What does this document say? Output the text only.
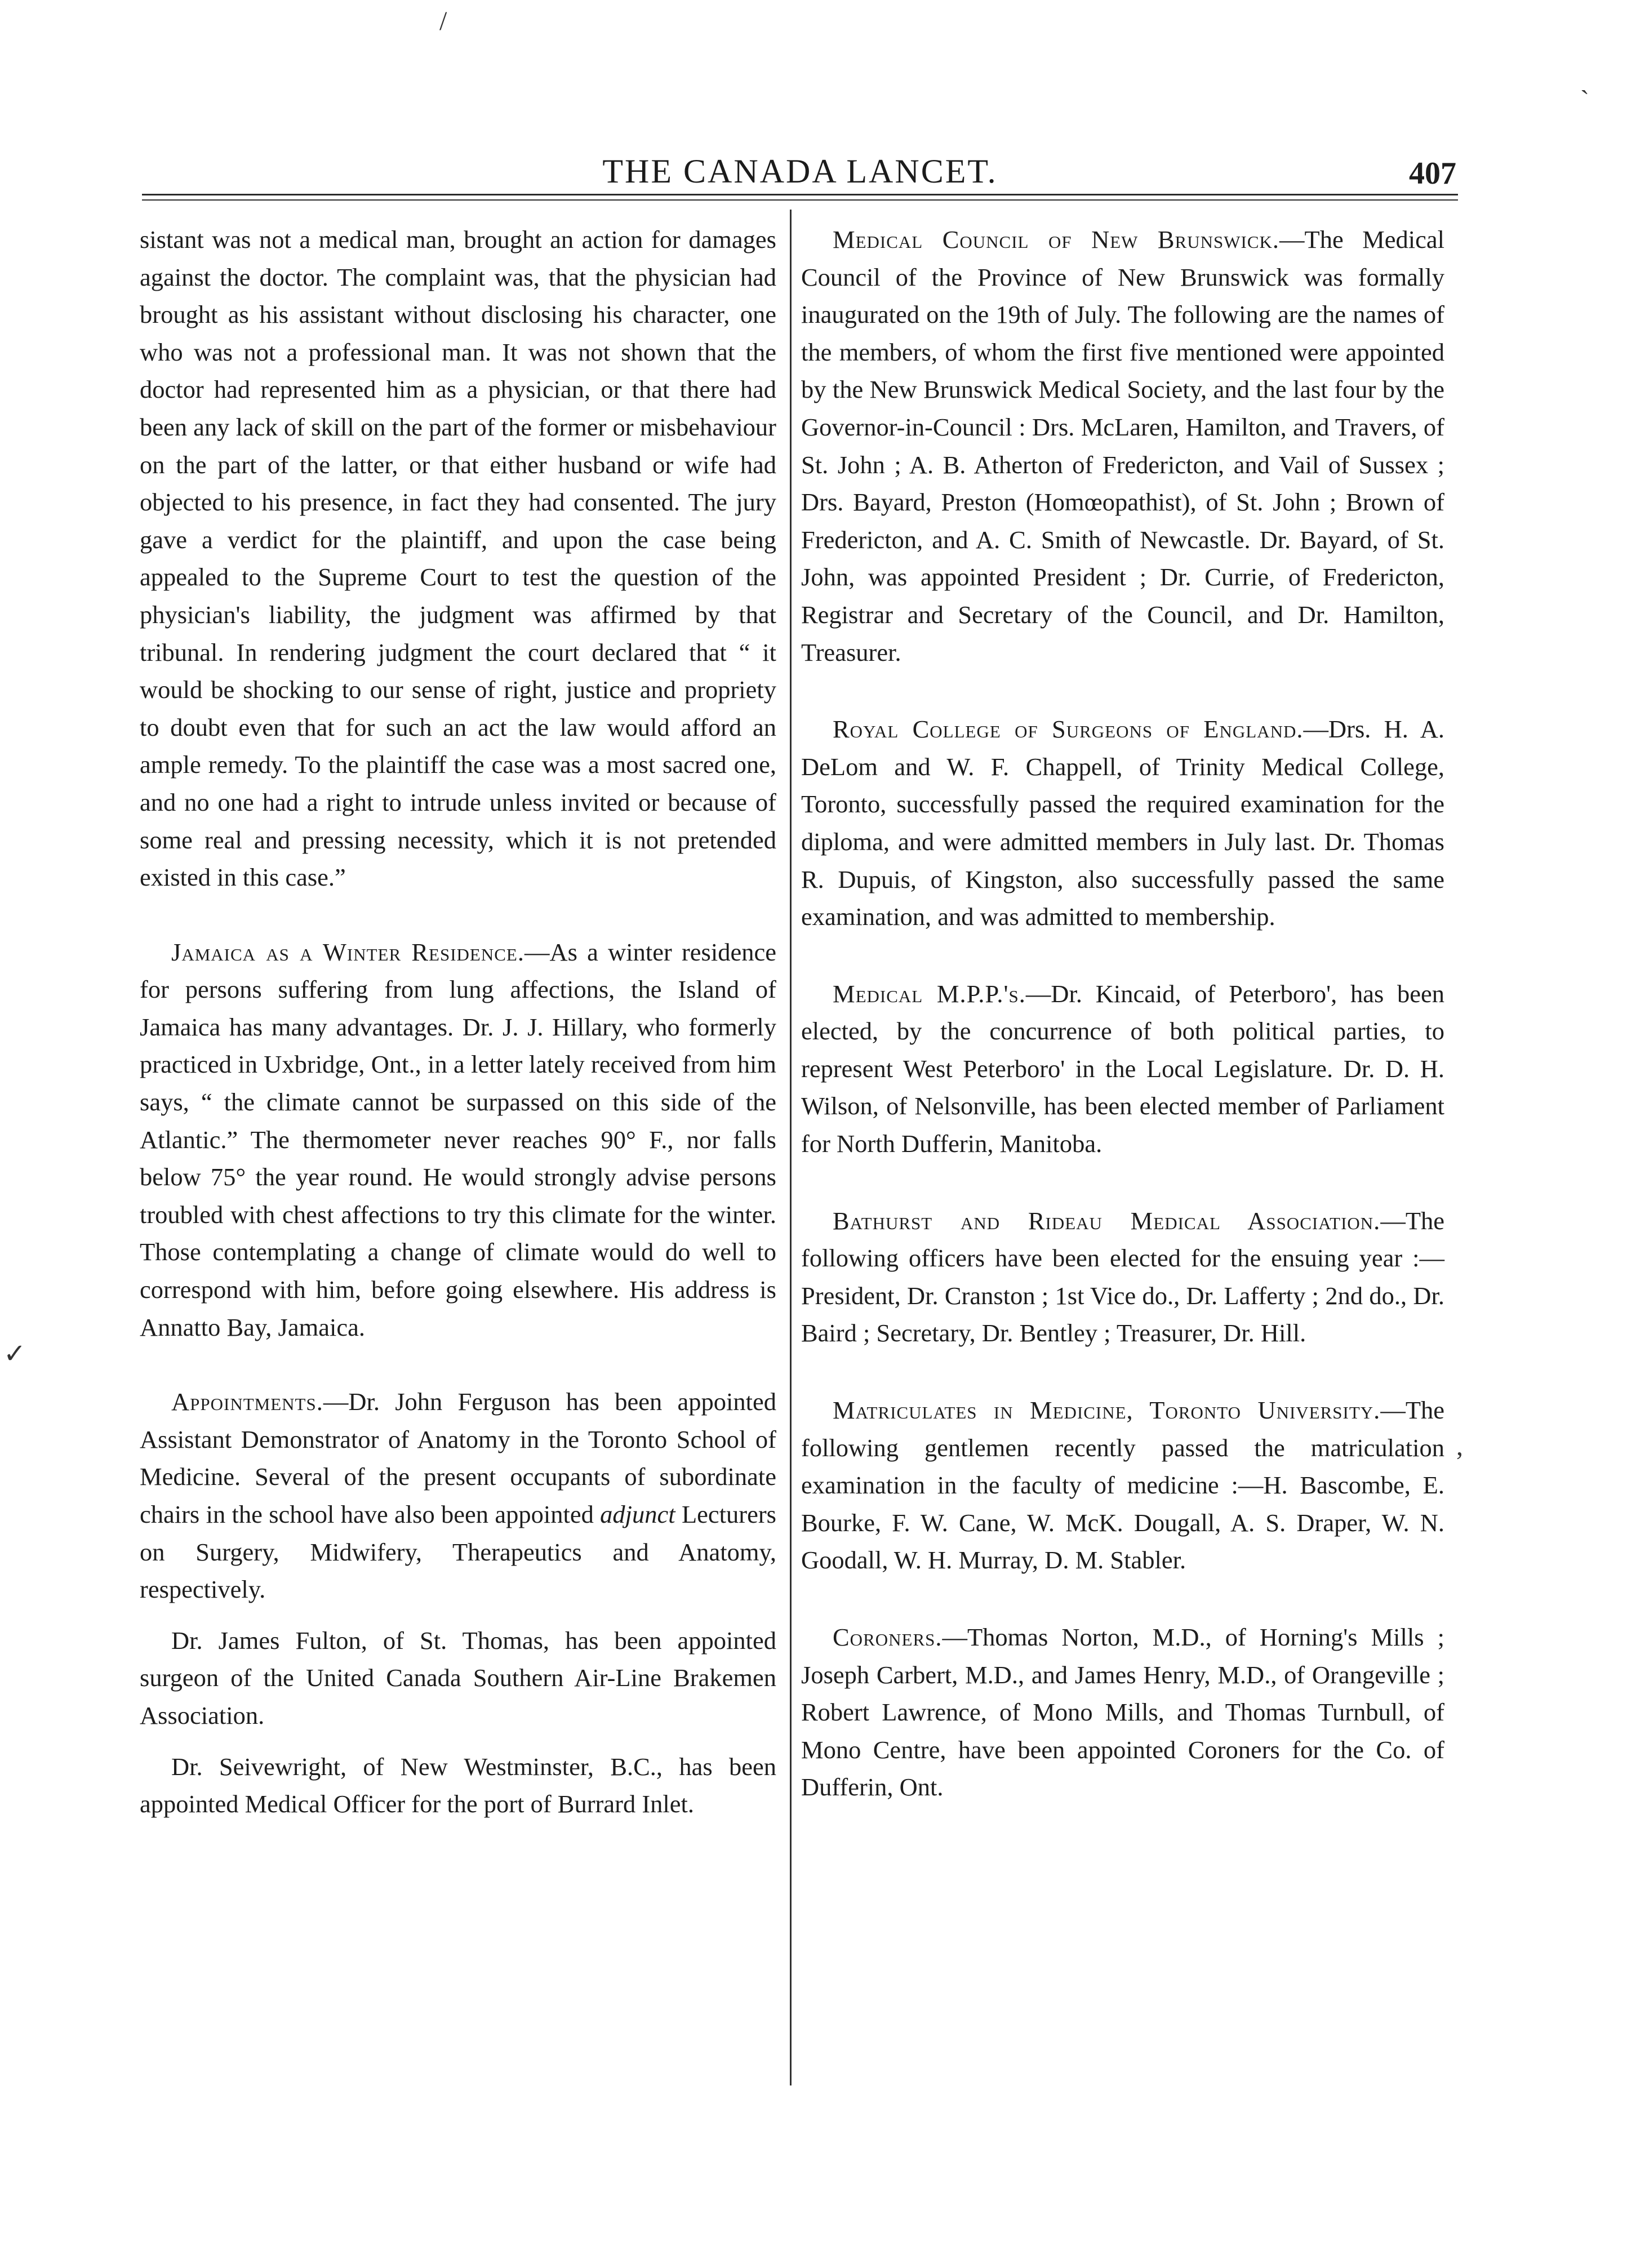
/
`
✓
,
THE CANADA LANCET.	407

sistant was not a medical man, brought an action for damages against the doctor. The complaint was, that the physician had brought as his assistant without disclosing his character, one who was not a professional man. It was not shown that the doctor had represented him as a physician, or that there had been any lack of skill on the part of the former or misbehaviour on the part of the latter, or that either husband or wife had objected to his presence, in fact they had consented. The jury gave a verdict for the plaintiff, and upon the case being appealed to the Supreme Court to test the question of the physician's liability, the judgment was affirmed by that tribunal. In rendering judgment the court declared that “ it would be shocking to our sense of right, justice and propriety to doubt even that for such an act the law would afford an ample remedy. To the plaintiff the case was a most sacred one, and no one had a right to intrude unless invited or because of some real and pressing necessity, which it is not pretended existed in this case.”

Jamaica as a Winter Residence.—As a winter residence for persons suffering from lung affections, the Island of Jamaica has many advantages. Dr. J. J. Hillary, who formerly practiced in Uxbridge, Ont., in a letter lately received from him says, “ the climate cannot be surpassed on this side of the Atlantic.” The thermometer never reaches 90° F., nor falls below 75° the year round. He would strongly advise persons troubled with chest affections to try this climate for the winter. Those contemplating a change of climate would do well to correspond with him, before going elsewhere. His address is Annatto Bay, Jamaica.

Appointments.—Dr. John Ferguson has been appointed Assistant Demonstrator of Anatomy in the Toronto School of Medicine. Several of the present occupants of subordinate chairs in the school have also been appointed adjunct Lecturers on Surgery, Midwifery, Therapeutics and Anatomy, respectively.

Dr. James Fulton, of St. Thomas, has been appointed surgeon of the United Canada Southern Air-Line Brakemen Association.

Dr. Seivewright, of New Westminster, B.C., has been appointed Medical Officer for the port of Burrard Inlet.

Medical Council of New Brunswick.—The Medical Council of the Province of New Brunswick was formally inaugurated on the 19th of July. The following are the names of the members, of whom the first five mentioned were appointed by the New Brunswick Medical Society, and the last four by the Governor-in-Council : Drs. McLaren, Hamilton, and Travers, of St. John ; A. B. Atherton of Fredericton, and Vail of Sussex ; Drs. Bayard, Preston (Homœopathist), of St. John ; Brown of Fredericton, and A. C. Smith of Newcastle. Dr. Bayard, of St. John, was appointed President ; Dr. Currie, of Fredericton, Registrar and Secretary of the Council, and Dr. Hamilton, Treasurer.

Royal College of Surgeons of England.—Drs. H. A. DeLom and W. F. Chappell, of Trinity Medical College, Toronto, successfully passed the required examination for the diploma, and were admitted members in July last. Dr. Thomas R. Dupuis, of Kingston, also successfully passed the same examination, and was admitted to membership.

Medical M.P.P.'s.—Dr. Kincaid, of Peterboro', has been elected, by the concurrence of both political parties, to represent West Peterboro' in the Local Legislature. Dr. D. H. Wilson, of Nelsonville, has been elected member of Parliament for North Dufferin, Manitoba.

Bathurst and Rideau Medical Association.—The following officers have been elected for the ensuing year :—President, Dr. Cranston ; 1st Vice do., Dr. Lafferty ; 2nd do., Dr. Baird ; Secretary, Dr. Bentley ; Treasurer, Dr. Hill.

Matriculates in Medicine, Toronto University.—The following gentlemen recently passed the matriculation examination in the faculty of medicine :—H. Bascombe, E. Bourke, F. W. Cane, W. McK. Dougall, A. S. Draper, W. N. Goodall, W. H. Murray, D. M. Stabler.

Coroners.—Thomas Norton, M.D., of Horning's Mills ; Joseph Carbert, M.D., and James Henry, M.D., of Orangeville ; Robert Lawrence, of Mono Mills, and Thomas Turnbull, of Mono Centre, have been appointed Coroners for the Co. of Dufferin, Ont.
